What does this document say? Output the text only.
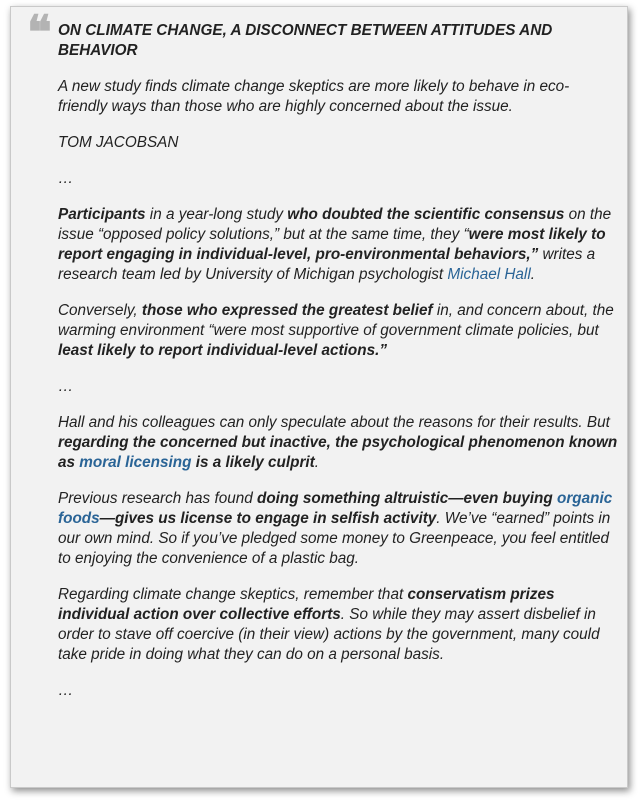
❝ ON CLIMATE CHANGE, A DISCONNECT BETWEEN ATTITUDES AND BEHAVIOR

A new study finds climate change skeptics are more likely to behave in eco-friendly ways than those who are highly concerned about the issue.

TOM JACOBSAN

…

Participants in a year-long study who doubted the scientific consensus on the issue “opposed policy solutions,” but at the same time, they “were most likely to report engaging in individual-level, pro-environmental behaviors,” writes a research team led by University of Michigan psychologist Michael Hall.

Conversely, those who expressed the greatest belief in, and concern about, the warming environment “were most supportive of government climate policies, but least likely to report individual-level actions.”

…

Hall and his colleagues can only speculate about the reasons for their results. But regarding the concerned but inactive, the psychological phenomenon known as moral licensing is a likely culprit.

Previous research has found doing something altruistic—even buying organic foods—gives us license to engage in selfish activity. We’ve “earned” points in our own mind. So if you’ve pledged some money to Greenpeace, you feel entitled to enjoying the convenience of a plastic bag.

Regarding climate change skeptics, remember that conservatism prizes individual action over collective efforts. So while they may assert disbelief in order to stave off coercive (in their view) actions by the government, many could take pride in doing what they can do on a personal basis.

…
